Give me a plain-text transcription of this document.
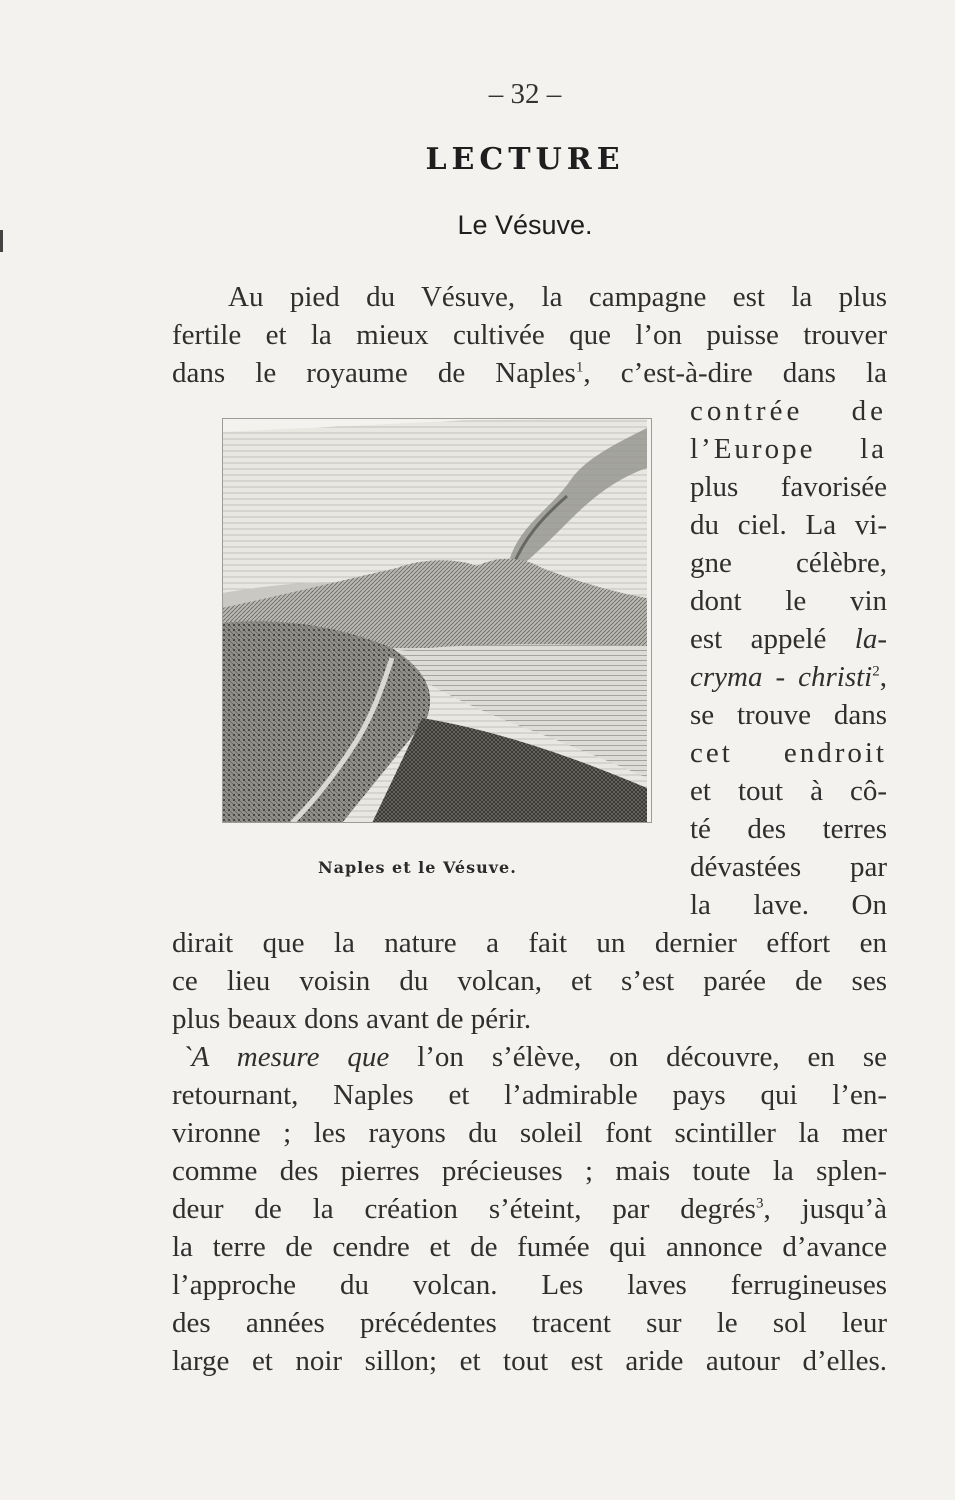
– 32 –
LECTURE
Le Vésuve.
Au pied du Vésuve, la campagne est la plus
fertile et la mieux cultivée que l’on puisse trouver
dans le royaume de Naples$^1$, c’est-à-dire dans la
contrée de
l’Europe la
plus favorisée
du ciel. La vi-
gne célèbre,
dont le vin
est appelé la-
cryma - christi$^2$,
se trouve dans
cet endroit
et tout à cô-
té des terres
dévastées par
la lave. On
dirait que la nature a fait un dernier effort en
ce lieu voisin du volcan, et s’est parée de ses
plus beaux dons avant de périr.
`A mesure que l’on s’élève, on découvre, en se
retournant, Naples et l’admirable pays qui l’en-
vironne ; les rayons du soleil font scintiller la mer
comme des pierres précieuses ; mais toute la splen-
deur de la création s’éteint, par degrés$^3$, jusqu’à
la terre de cendre et de fumée qui annonce d’avance
l’approche du volcan. Les laves ferrugineuses
des années précédentes tracent sur le sol leur
large et noir sillon; et tout est aride autour d’elles.
Naples et le Vésuve.
